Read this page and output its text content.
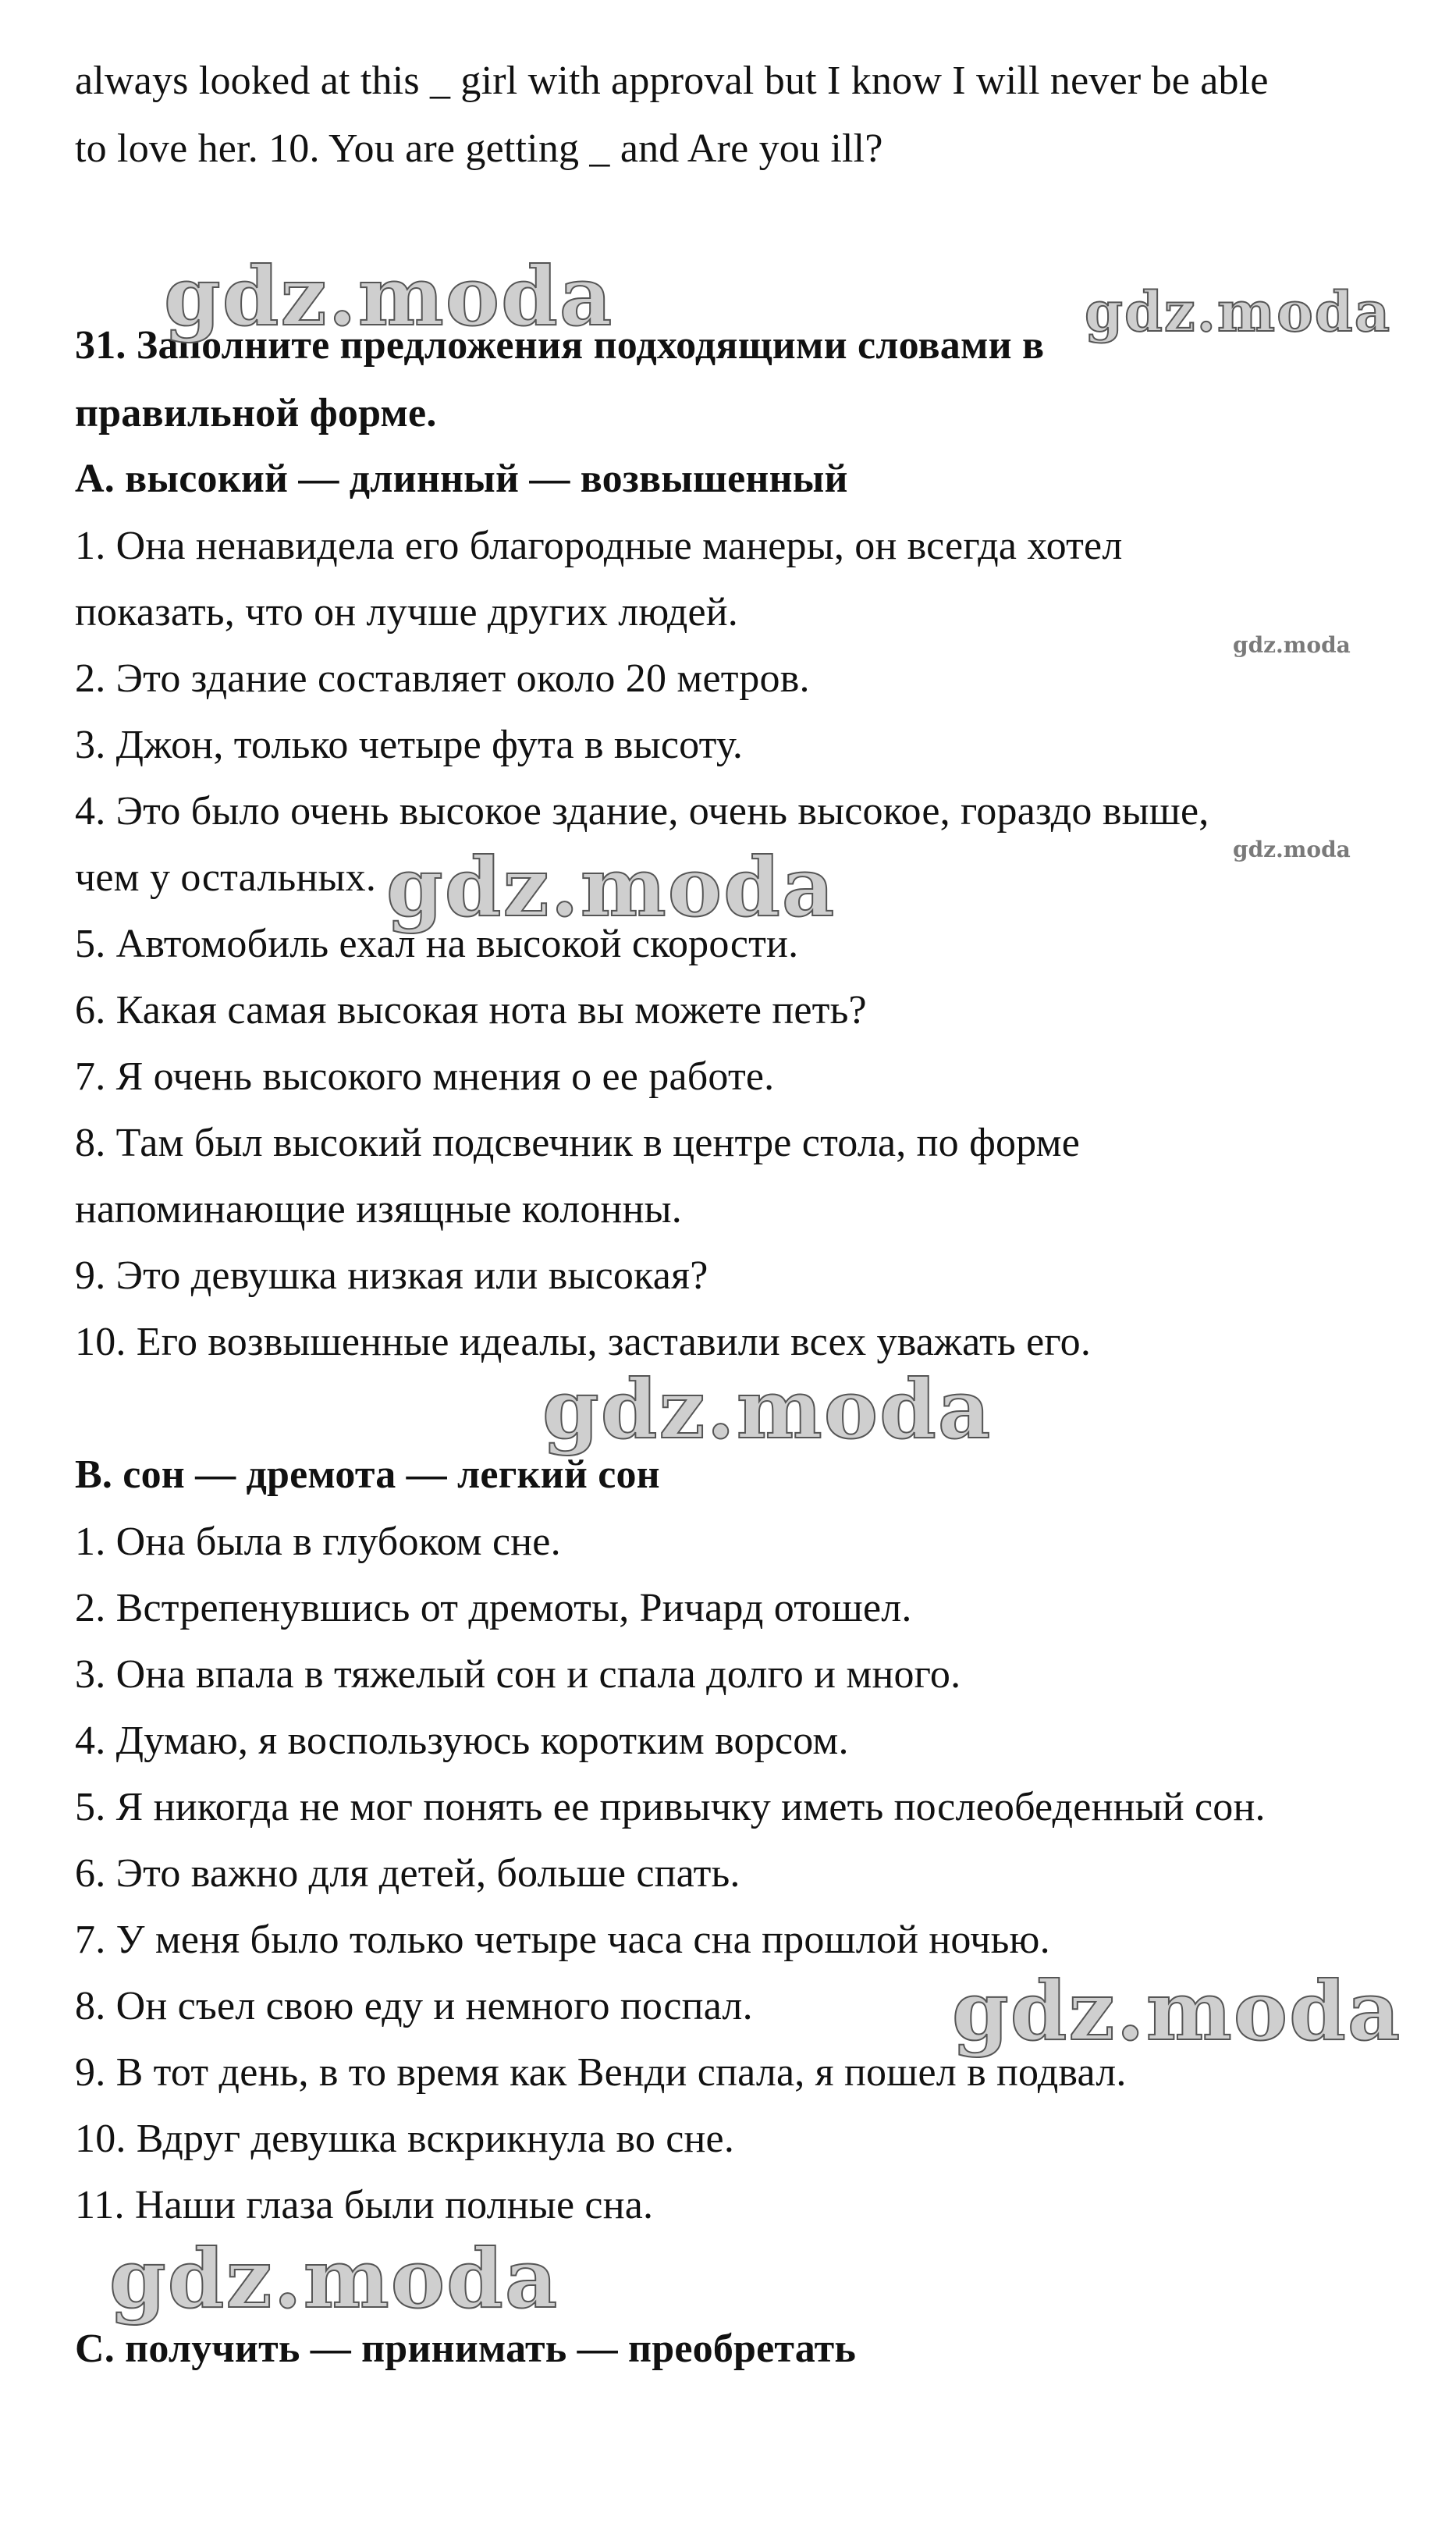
always looked at this _ girl with approval but I know I will never be able
to love her. 10. You are getting _ and Are you ill?
31. Заполните предложения подходящими словами в
правильной форме.
A. высокий — длинный — возвышенный
1. Она ненавидела его благородные манеры, он всегда хотел
показать, что он лучше других людей.
2. Это здание составляет около 20 метров.
3. Джон, только четыре фута в высоту.
4. Это было очень высокое здание, очень высокое, гораздо выше,
чем у остальных.
5. Автомобиль ехал на высокой скорости.
6. Какая самая высокая нота вы можете петь?
7. Я очень высокого мнения о ее работе.
8. Там был высокий подсвечник в центре стола, по форме
напоминающие изящные колонны.
9. Это девушка низкая или высокая?
10. Его возвышенные идеалы, заставили всех уважать его.
B. сон — дремота — легкий сон
1. Она была в глубоком сне.
2. Встрепенувшись от дремоты, Ричард отошел.
3. Она впала в тяжелый сон и спала долго и много.
4. Думаю, я воспользуюсь коротким ворсом.
5. Я никогда не мог понять ее привычку иметь послеобеденный сон.
6. Это важно для детей, больше спать.
7. У меня было только четыре часа сна прошлой ночью.
8. Он съел свою еду и немного поспал.
9. В тот день, в то время как Венди спала, я пошел в подвал.
10. Вдруг девушка вскрикнула во сне.
11. Наши глаза были полные сна.
C. получить — принимать — преобретать
gdz.moda	gdz.moda
gdz.moda
gdz.moda
gdz.moda
gdz.moda
gdz.moda
gdz.moda
